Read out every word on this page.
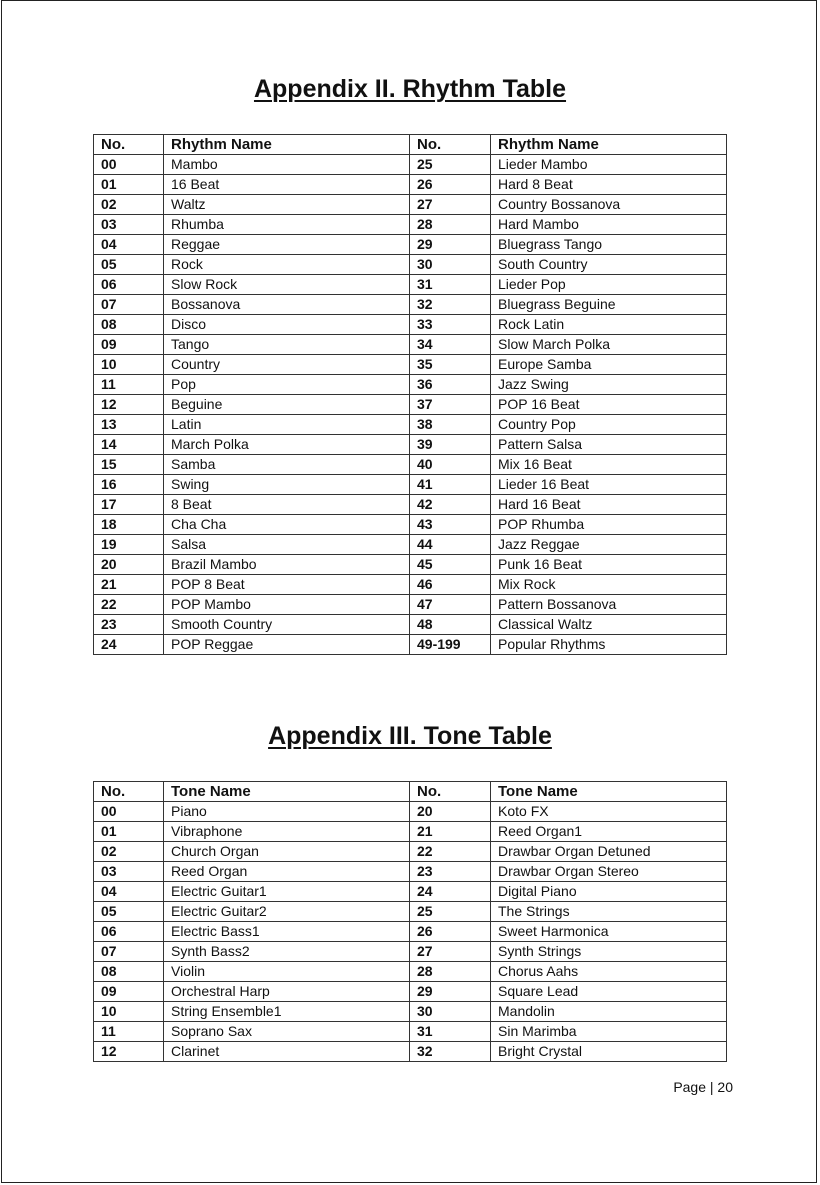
Appendix II. Rhythm Table
No.	Rhythm Name	No.	Rhythm Name
00	Mambo	25	Lieder Mambo
01	16 Beat	26	Hard 8 Beat
02	Waltz	27	Country Bossanova
03	Rhumba	28	Hard Mambo
04	Reggae	29	Bluegrass Tango
05	Rock	30	South Country
06	Slow Rock	31	Lieder Pop
07	Bossanova	32	Bluegrass Beguine
08	Disco	33	Rock Latin
09	Tango	34	Slow March Polka
10	Country	35	Europe Samba
11	Pop	36	Jazz Swing
12	Beguine	37	POP 16 Beat
13	Latin	38	Country Pop
14	March Polka	39	Pattern Salsa
15	Samba	40	Mix 16 Beat
16	Swing	41	Lieder 16 Beat
17	8 Beat	42	Hard 16 Beat
18	Cha Cha	43	POP Rhumba
19	Salsa	44	Jazz Reggae
20	Brazil Mambo	45	Punk 16 Beat
21	POP 8 Beat	46	Mix Rock
22	POP Mambo	47	Pattern Bossanova
23	Smooth Country	48	Classical Waltz
24	POP Reggae	49-199	Popular Rhythms
Appendix III. Tone Table
No.	Tone Name	No.	Tone Name
00	Piano	20	Koto FX
01	Vibraphone	21	Reed Organ1
02	Church Organ	22	Drawbar Organ Detuned
03	Reed Organ	23	Drawbar Organ Stereo
04	Electric Guitar1	24	Digital Piano
05	Electric Guitar2	25	The Strings
06	Electric Bass1	26	Sweet Harmonica
07	Synth Bass2	27	Synth Strings
08	Violin	28	Chorus Aahs
09	Orchestral Harp	29	Square Lead
10	String Ensemble1	30	Mandolin
11	Soprano Sax	31	Sin Marimba
12	Clarinet	32	Bright Crystal
Page | 20
